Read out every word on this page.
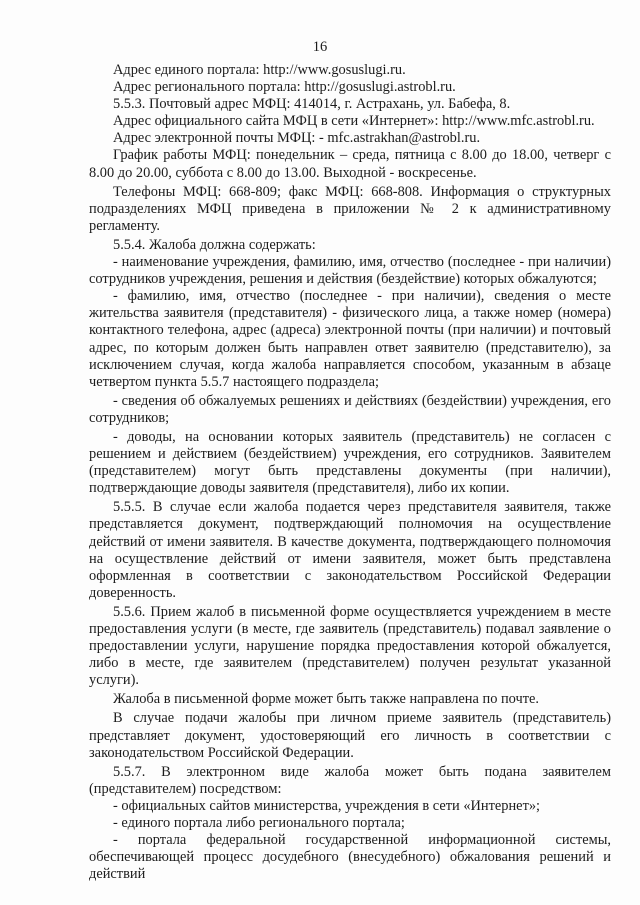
16

Адрес единого портала: http://www.gosuslugi.ru.

Адрес регионального портала: http://gosuslugi.astrobl.ru.

5.5.3. Почтовый адрес МФЦ: 414014, г. Астрахань, ул. Бабефа, 8.

Адрес официального сайта МФЦ в сети «Интернет»: http://www.mfc.astrobl.ru.

Адрес электронной почты МФЦ: - mfc.astrakhan@astrobl.ru.

График работы МФЦ: понедельник – среда, пятница с 8.00 до 18.00, четверг с 8.00 до 20.00, суббота с 8.00 до 13.00. Выходной - воскресенье.

Телефоны МФЦ: 668-809; факс МФЦ: 668-808. Информация о структурных подразделениях МФЦ приведена в приложении № 2 к административному регламенту.

5.5.4. Жалоба должна содержать:

- наименование учреждения, фамилию, имя, отчество (последнее - при наличии) сотрудников учреждения, решения и действия (бездействие) которых обжалуются;

- фамилию, имя, отчество (последнее - при наличии), сведения о месте жительства заявителя (представителя) - физического лица, а также номер (номера) контактного телефона, адрес (адреса) электронной почты (при наличии) и почтовый адрес, по которым должен быть направлен ответ заявителю (представителю), за исключением случая, когда жалоба направляется способом, указанным в абзаце четвертом пункта 5.5.7 настоящего подраздела;

- сведения об обжалуемых решениях и действиях (бездействии) учреждения, его сотрудников;

- доводы, на основании которых заявитель (представитель) не согласен с решением и действием (бездействием) учреждения, его сотрудников. Заявителем (представителем) могут быть представлены документы (при наличии), подтверждающие доводы заявителя (представителя), либо их копии.

5.5.5. В случае если жалоба подается через представителя заявителя, также представляется документ, подтверждающий полномочия на осуществление действий от имени заявителя. В качестве документа, подтверждающего полномочия на осуществление действий от имени заявителя, может быть представлена оформленная в соответствии с законодательством Российской Федерации доверенность.

5.5.6. Прием жалоб в письменной форме осуществляется учреждением в месте предоставления услуги (в месте, где заявитель (представитель) подавал заявление о предоставлении услуги, нарушение порядка предоставления которой обжалуется, либо в месте, где заявителем (представителем) получен результат указанной услуги).

Жалоба в письменной форме может быть также направлена по почте.

В случае подачи жалобы при личном приеме заявитель (представитель) представляет документ, удостоверяющий его личность в соответствии с законодательством Российской Федерации.

5.5.7. В электронном виде жалоба может быть подана заявителем (представителем) посредством:

- официальных сайтов министерства, учреждения в сети «Интернет»;

- единого портала либо регионального портала;

- портала федеральной государственной информационной системы, обеспечивающей процесс досудебного (внесудебного) обжалования решений и действий
